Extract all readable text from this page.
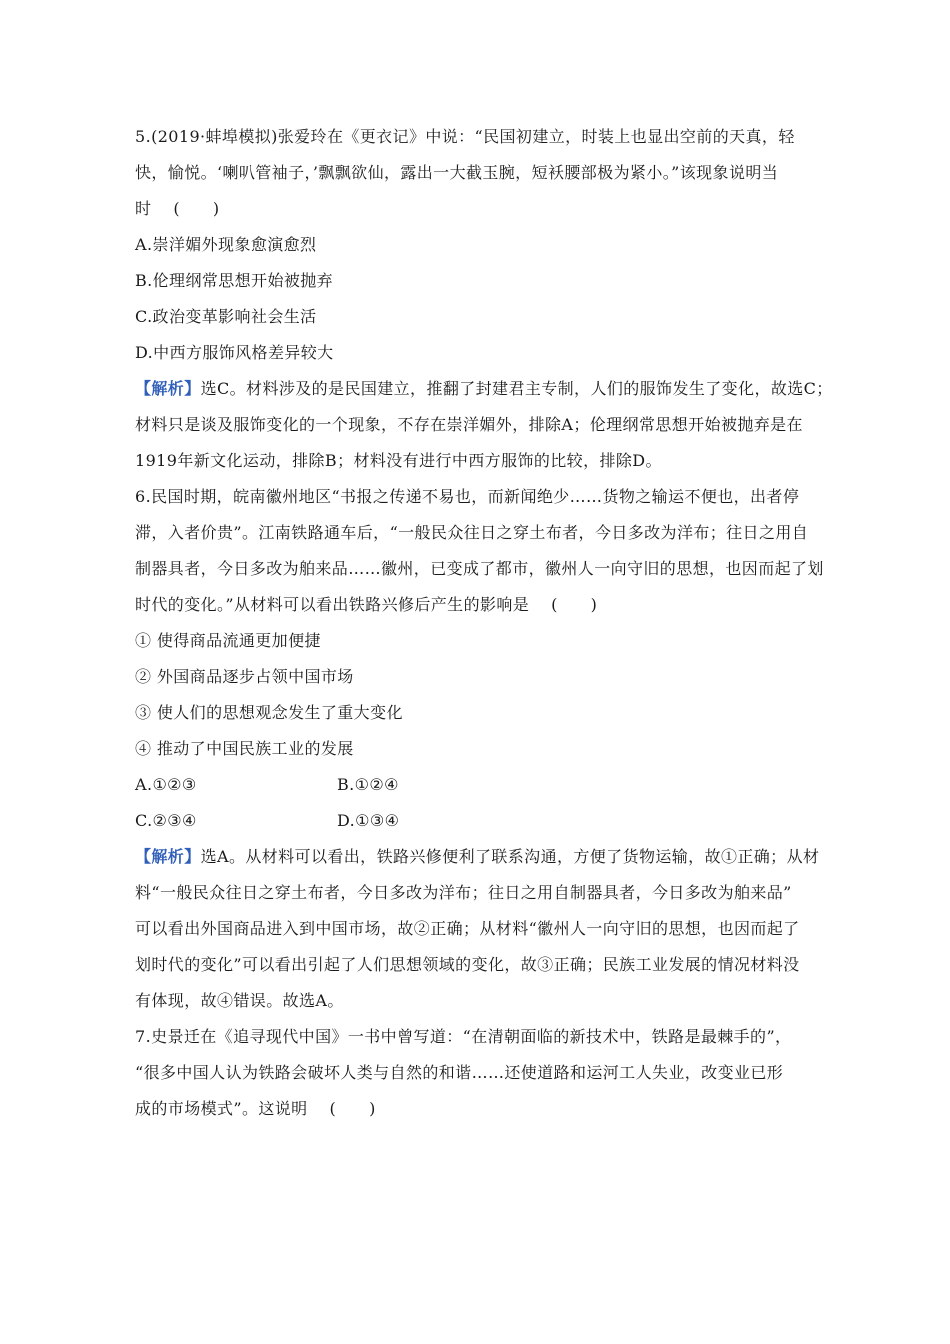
5.(2019·蚌埠模拟)张爱玲在《更衣记》中说：“民国初建立，时装上也显出空前的天真，轻
快，愉悦。‘喇叭管袖子，’飘飘欲仙，露出一大截玉腕，短袄腰部极为紧小。”该现象说明当
时    (      )
A.崇洋媚外现象愈演愈烈
B.伦理纲常思想开始被抛弃
C.政治变革影响社会生活
D.中西方服饰风格差异较大
【解析】选C。材料涉及的是民国建立，推翻了封建君主专制，人们的服饰发生了变化，故选C；
材料只是谈及服饰变化的一个现象，不存在崇洋媚外，排除A；伦理纲常思想开始被抛弃是在
1919年新文化运动，排除B；材料没有进行中西方服饰的比较，排除D。
6.民国时期，皖南徽州地区“书报之传递不易也，而新闻绝少……货物之输运不便也，出者停
滞，入者价贵”。江南铁路通车后，“一般民众往日之穿土布者，今日多改为洋布；往日之用自
制器具者，今日多改为舶来品……徽州，已变成了都市，徽州人一向守旧的思想，也因而起了划
时代的变化。”从材料可以看出铁路兴修后产生的影响是    (      )
① 使得商品流通更加便捷
② 外国商品逐步占领中国市场
③ 使人们的思想观念发生了重大变化
④ 推动了中国民族工业的发展
A.①②③	B.①②④
C.②③④	D.①③④
【解析】选A。从材料可以看出，铁路兴修便利了联系沟通，方便了货物运输，故①正确；从材
料“一般民众往日之穿土布者，今日多改为洋布；往日之用自制器具者，今日多改为舶来品”
可以看出外国商品进入到中国市场，故②正确；从材料“徽州人一向守旧的思想，也因而起了
划时代的变化”可以看出引起了人们思想领域的变化，故③正确；民族工业发展的情况材料没
有体现，故④错误。故选A。
7.史景迁在《追寻现代中国》一书中曾写道：“在清朝面临的新技术中，铁路是最棘手的”，
“很多中国人认为铁路会破坏人类与自然的和谐……还使道路和运河工人失业，改变业已形
成的市场模式”。这说明    (      )
